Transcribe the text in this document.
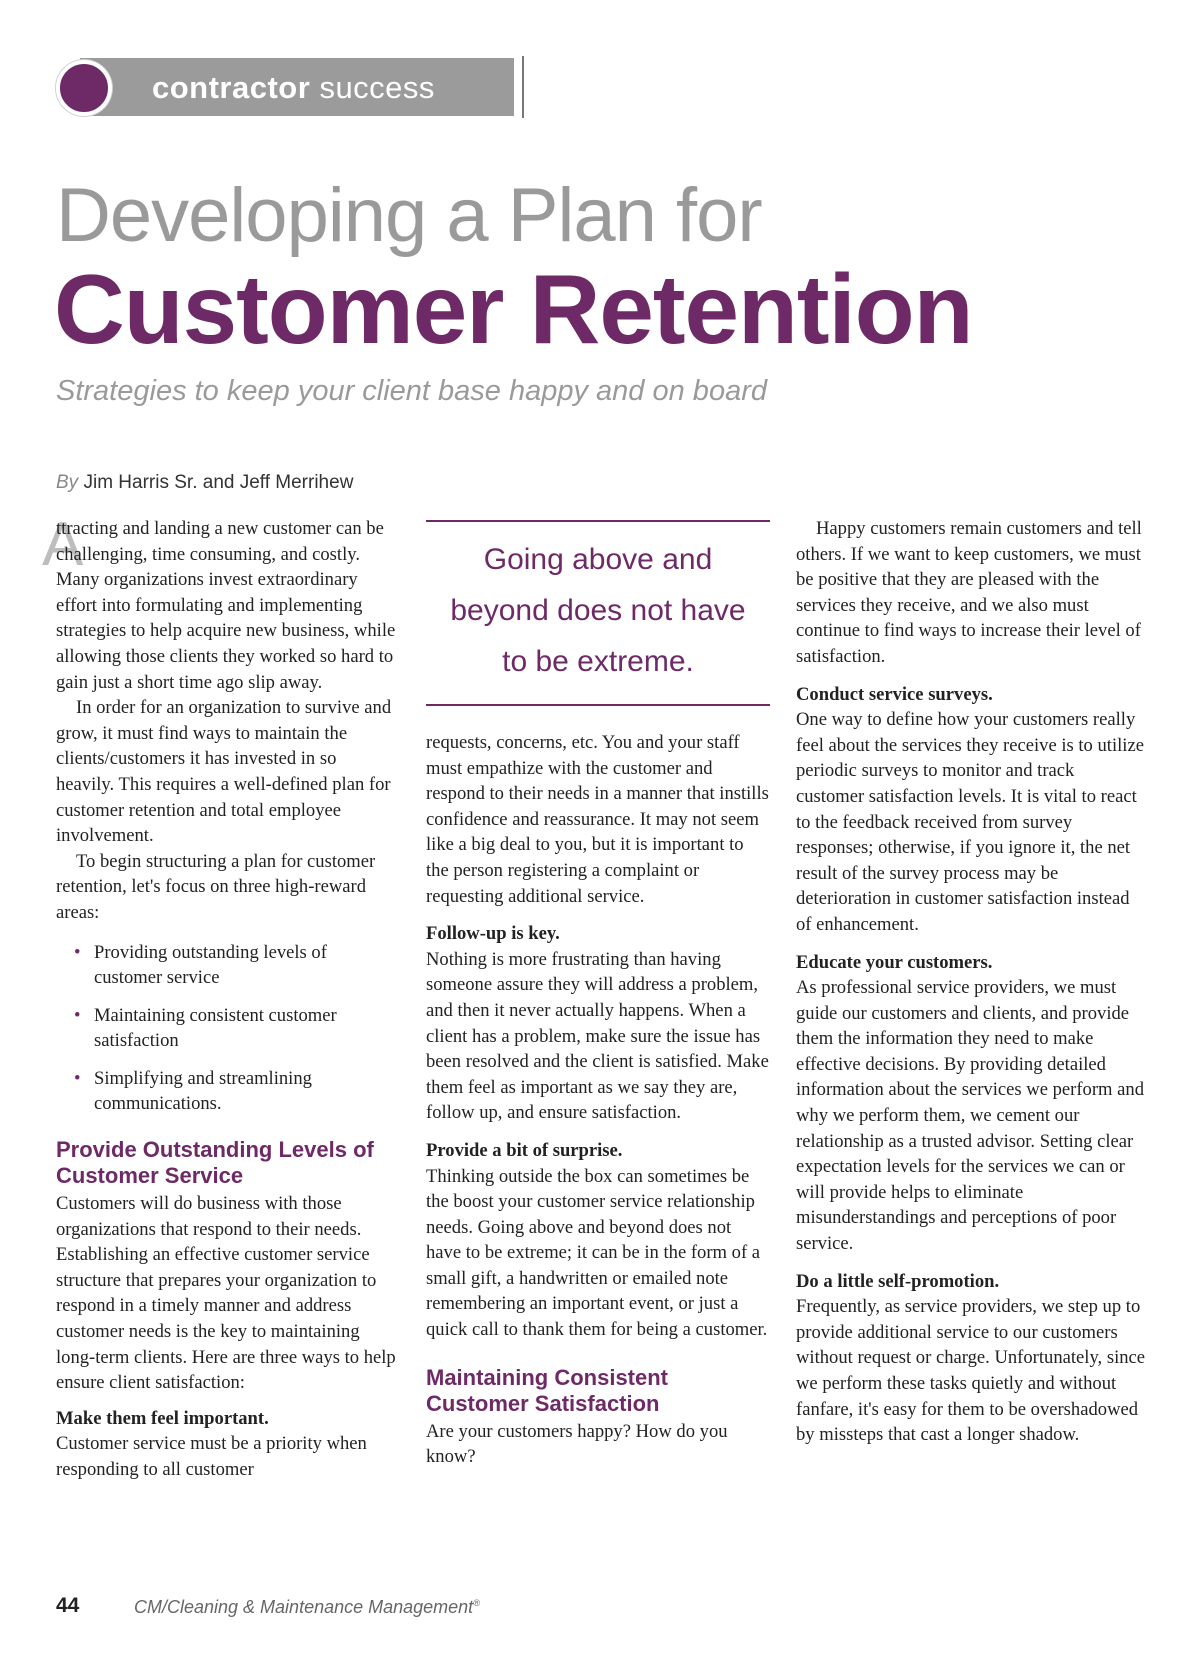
contractor success
Developing a Plan for
Customer Retention
Strategies to keep your client base happy and on board
By Jim Harris Sr. and Jeff Merrihew

A
ttracting and landing a new customer can be challenging, time consuming, and costly. Many organizations invest extraordinary effort into formulating and implementing strategies to help acquire new business, while allowing those clients they worked so hard to gain just a short time ago slip away.

In order for an organization to survive and grow, it must find ways to maintain the clients/customers it has invested in so heavily. This requires a well-defined plan for customer retention and total employee involvement.

To begin structuring a plan for customer retention, let's focus on three high-reward areas:

• Providing outstanding levels of customer service
• Maintaining consistent customer satisfaction
• Simplifying and streamlining communications.
Provide Outstanding Levels of Customer Service

Customers will do business with those organizations that respond to their needs. Establishing an effective customer service structure that prepares your organization to respond in a timely manner and address customer needs is the key to maintaining long-term clients. Here are three ways to help ensure client satisfaction:

Make them feel important.

Customer service must be a priority when responding to all customer

Going above and
beyond does not have
to be extreme.

requests, concerns, etc. You and your staff must empathize with the customer and respond to their needs in a manner that instills confidence and reassurance. It may not seem like a big deal to you, but it is important to the person registering a complaint or requesting additional service.

Follow-up is key.

Nothing is more frustrating than having someone assure they will address a problem, and then it never actually happens. When a client has a problem, make sure the issue has been resolved and the client is satisfied. Make them feel as important as we say they are, follow up, and ensure satisfaction.

Provide a bit of surprise.

Thinking outside the box can sometimes be the boost your customer service relationship needs. Going above and beyond does not have to be extreme; it can be in the form of a small gift, a handwritten or emailed note remembering an important event, or just a quick call to thank them for being a customer.

Maintaining Consistent Customer Satisfaction

Are your customers happy? How do you know?

Happy customers remain customers and tell others. If we want to keep customers, we must be positive that they are pleased with the services they receive, and we also must continue to find ways to increase their level of satisfaction.

Conduct service surveys.

One way to define how your customers really feel about the services they receive is to utilize periodic surveys to monitor and track customer satisfaction levels. It is vital to react to the feedback received from survey responses; otherwise, if you ignore it, the net result of the survey process may be deterioration in customer satisfaction instead of enhancement.

Educate your customers.

As professional service providers, we must guide our customers and clients, and provide them the information they need to make effective decisions. By providing detailed information about the services we perform and why we perform them, we cement our relationship as a trusted advisor. Setting clear expectation levels for the services we can or will provide helps to eliminate misunderstandings and perceptions of poor service.

Do a little self-promotion.

Frequently, as service providers, we step up to provide additional service to our customers without request or charge. Unfortunately, since we perform these tasks quietly and without fanfare, it's easy for them to be overshadowed by missteps that cast a longer shadow.

44	CM/Cleaning & Maintenance Management®
